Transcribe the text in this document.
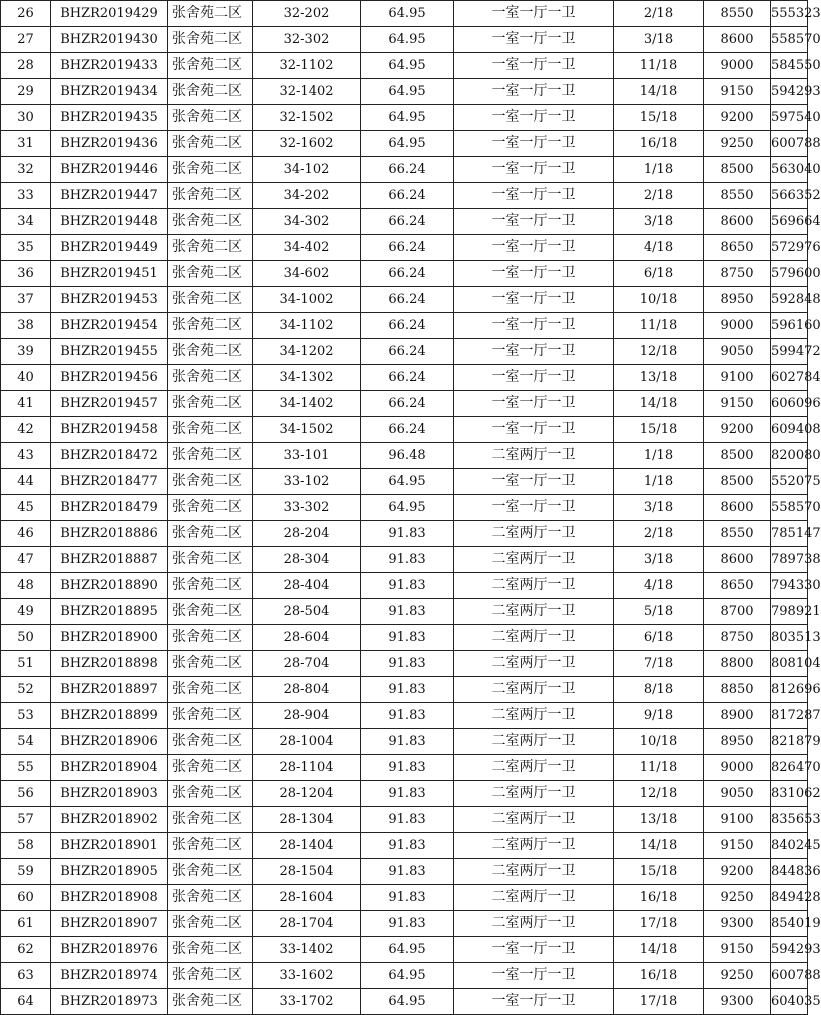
26	BHZR2019429	张舍苑二区	32-202	64.95	一室一厅一卫	2/18	8550	555323
27	BHZR2019430	张舍苑二区	32-302	64.95	一室一厅一卫	3/18	8600	558570
28	BHZR2019433	张舍苑二区	32-1102	64.95	一室一厅一卫	11/18	9000	584550
29	BHZR2019434	张舍苑二区	32-1402	64.95	一室一厅一卫	14/18	9150	594293
30	BHZR2019435	张舍苑二区	32-1502	64.95	一室一厅一卫	15/18	9200	597540
31	BHZR2019436	张舍苑二区	32-1602	64.95	一室一厅一卫	16/18	9250	600788
32	BHZR2019446	张舍苑二区	34-102	66.24	一室一厅一卫	1/18	8500	563040
33	BHZR2019447	张舍苑二区	34-202	66.24	一室一厅一卫	2/18	8550	566352
34	BHZR2019448	张舍苑二区	34-302	66.24	一室一厅一卫	3/18	8600	569664
35	BHZR2019449	张舍苑二区	34-402	66.24	一室一厅一卫	4/18	8650	572976
36	BHZR2019451	张舍苑二区	34-602	66.24	一室一厅一卫	6/18	8750	579600
37	BHZR2019453	张舍苑二区	34-1002	66.24	一室一厅一卫	10/18	8950	592848
38	BHZR2019454	张舍苑二区	34-1102	66.24	一室一厅一卫	11/18	9000	596160
39	BHZR2019455	张舍苑二区	34-1202	66.24	一室一厅一卫	12/18	9050	599472
40	BHZR2019456	张舍苑二区	34-1302	66.24	一室一厅一卫	13/18	9100	602784
41	BHZR2019457	张舍苑二区	34-1402	66.24	一室一厅一卫	14/18	9150	606096
42	BHZR2019458	张舍苑二区	34-1502	66.24	一室一厅一卫	15/18	9200	609408
43	BHZR2018472	张舍苑二区	33-101	96.48	二室两厅一卫	1/18	8500	820080
44	BHZR2018477	张舍苑二区	33-102	64.95	一室一厅一卫	1/18	8500	552075
45	BHZR2018479	张舍苑二区	33-302	64.95	一室一厅一卫	3/18	8600	558570
46	BHZR2018886	张舍苑二区	28-204	91.83	二室两厅一卫	2/18	8550	785147
47	BHZR2018887	张舍苑二区	28-304	91.83	二室两厅一卫	3/18	8600	789738
48	BHZR2018890	张舍苑二区	28-404	91.83	二室两厅一卫	4/18	8650	794330
49	BHZR2018895	张舍苑二区	28-504	91.83	二室两厅一卫	5/18	8700	798921
50	BHZR2018900	张舍苑二区	28-604	91.83	二室两厅一卫	6/18	8750	803513
51	BHZR2018898	张舍苑二区	28-704	91.83	二室两厅一卫	7/18	8800	808104
52	BHZR2018897	张舍苑二区	28-804	91.83	二室两厅一卫	8/18	8850	812696
53	BHZR2018899	张舍苑二区	28-904	91.83	二室两厅一卫	9/18	8900	817287
54	BHZR2018906	张舍苑二区	28-1004	91.83	二室两厅一卫	10/18	8950	821879
55	BHZR2018904	张舍苑二区	28-1104	91.83	二室两厅一卫	11/18	9000	826470
56	BHZR2018903	张舍苑二区	28-1204	91.83	二室两厅一卫	12/18	9050	831062
57	BHZR2018902	张舍苑二区	28-1304	91.83	二室两厅一卫	13/18	9100	835653
58	BHZR2018901	张舍苑二区	28-1404	91.83	二室两厅一卫	14/18	9150	840245
59	BHZR2018905	张舍苑二区	28-1504	91.83	二室两厅一卫	15/18	9200	844836
60	BHZR2018908	张舍苑二区	28-1604	91.83	二室两厅一卫	16/18	9250	849428
61	BHZR2018907	张舍苑二区	28-1704	91.83	二室两厅一卫	17/18	9300	854019
62	BHZR2018976	张舍苑二区	33-1402	64.95	一室一厅一卫	14/18	9150	594293
63	BHZR2018974	张舍苑二区	33-1602	64.95	一室一厅一卫	16/18	9250	600788
64	BHZR2018973	张舍苑二区	33-1702	64.95	一室一厅一卫	17/18	9300	604035
